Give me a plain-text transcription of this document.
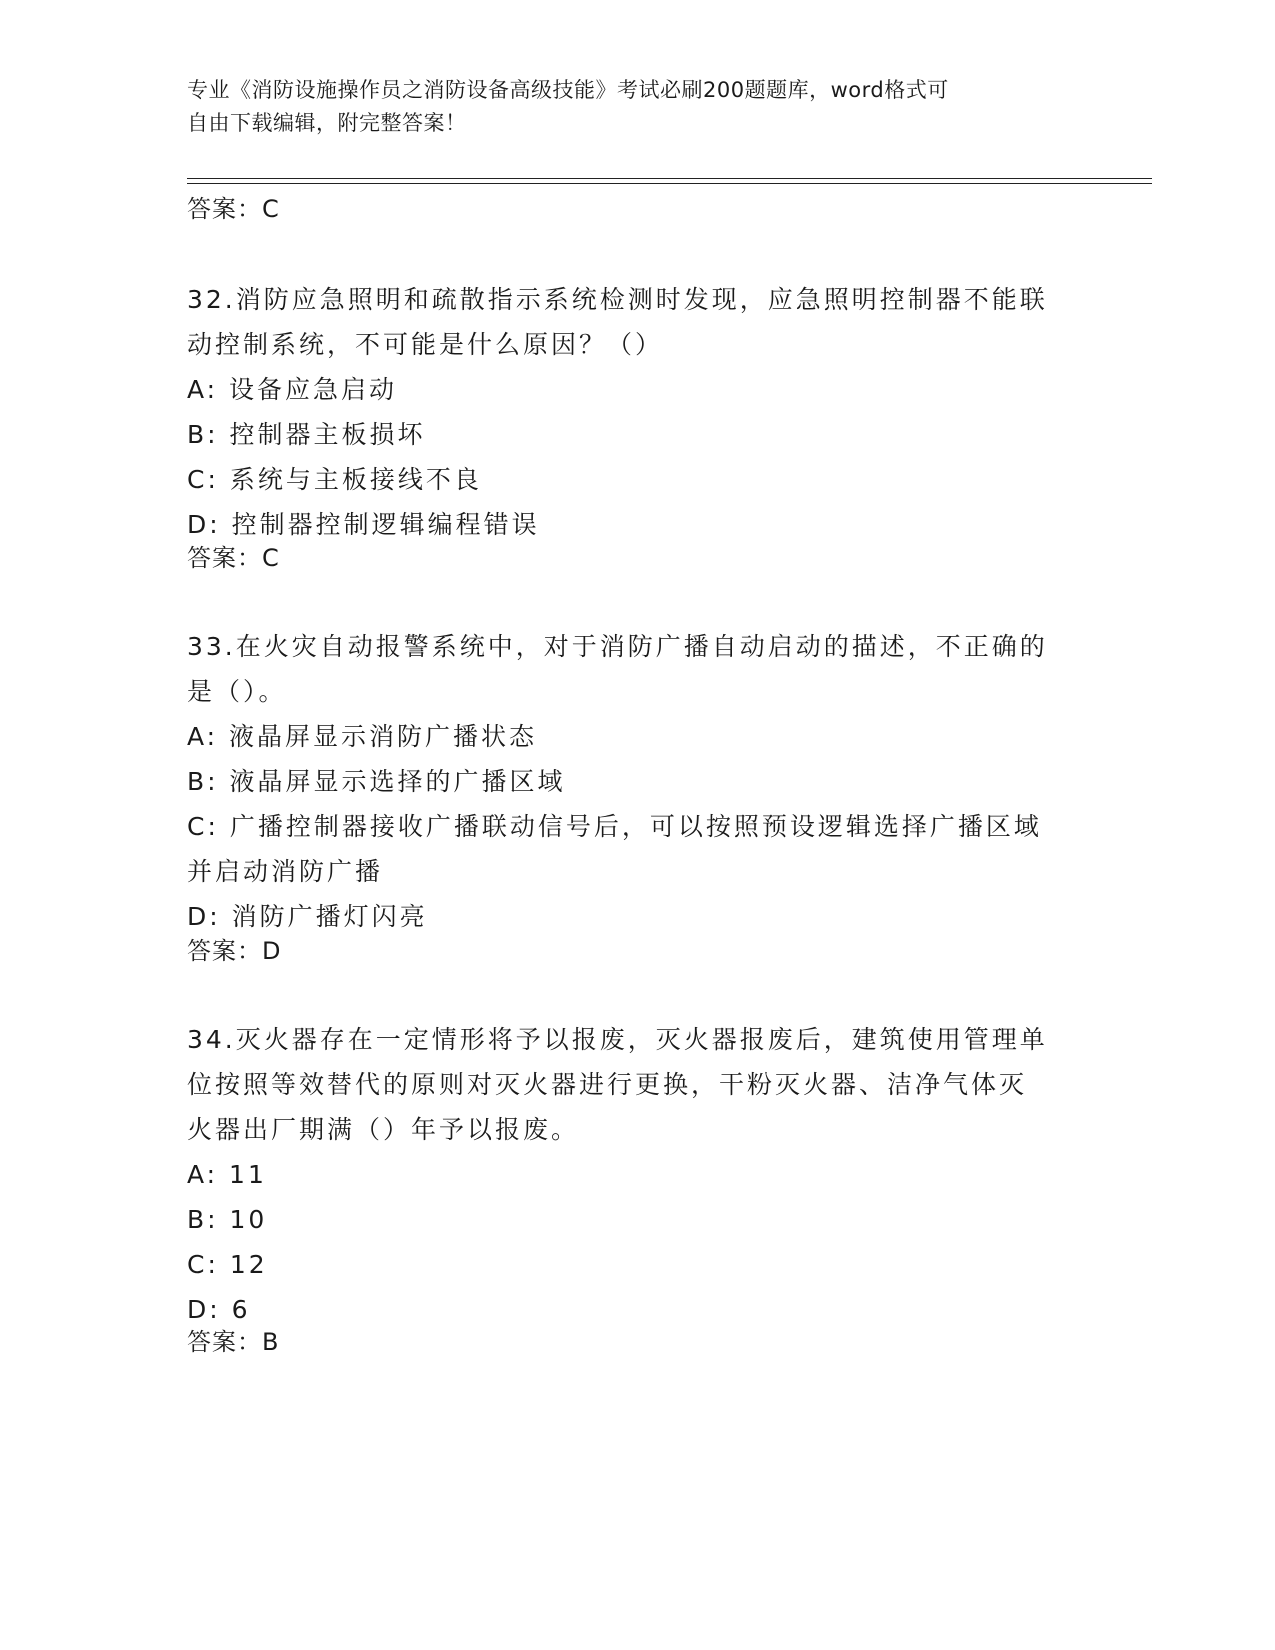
专业《消防设施操作员之消防设备高级技能》考试必刷200题题库，word格式可
自由下载编辑，附完整答案！
答案：C

32.消防应急照明和疏散指示系统检测时发现，应急照明控制器不能联

动控制系统，不可能是什么原因？（）

A: 设备应急启动

B: 控制器主板损坏

C: 系统与主板接线不良

D: 控制器控制逻辑编程错误

答案：C

33.在火灾自动报警系统中，对于消防广播自动启动的描述，不正确的

是（）。

A: 液晶屏显示消防广播状态

B: 液晶屏显示选择的广播区域

C: 广播控制器接收广播联动信号后，可以按照预设逻辑选择广播区域

并启动消防广播

D: 消防广播灯闪亮

答案：D

34.灭火器存在一定情形将予以报废，灭火器报废后，建筑使用管理单

位按照等效替代的原则对灭火器进行更换，干粉灭火器、洁净气体灭

火器出厂期满（）年予以报废。

A: 11

B: 10

C: 12

D: 6

答案：B
